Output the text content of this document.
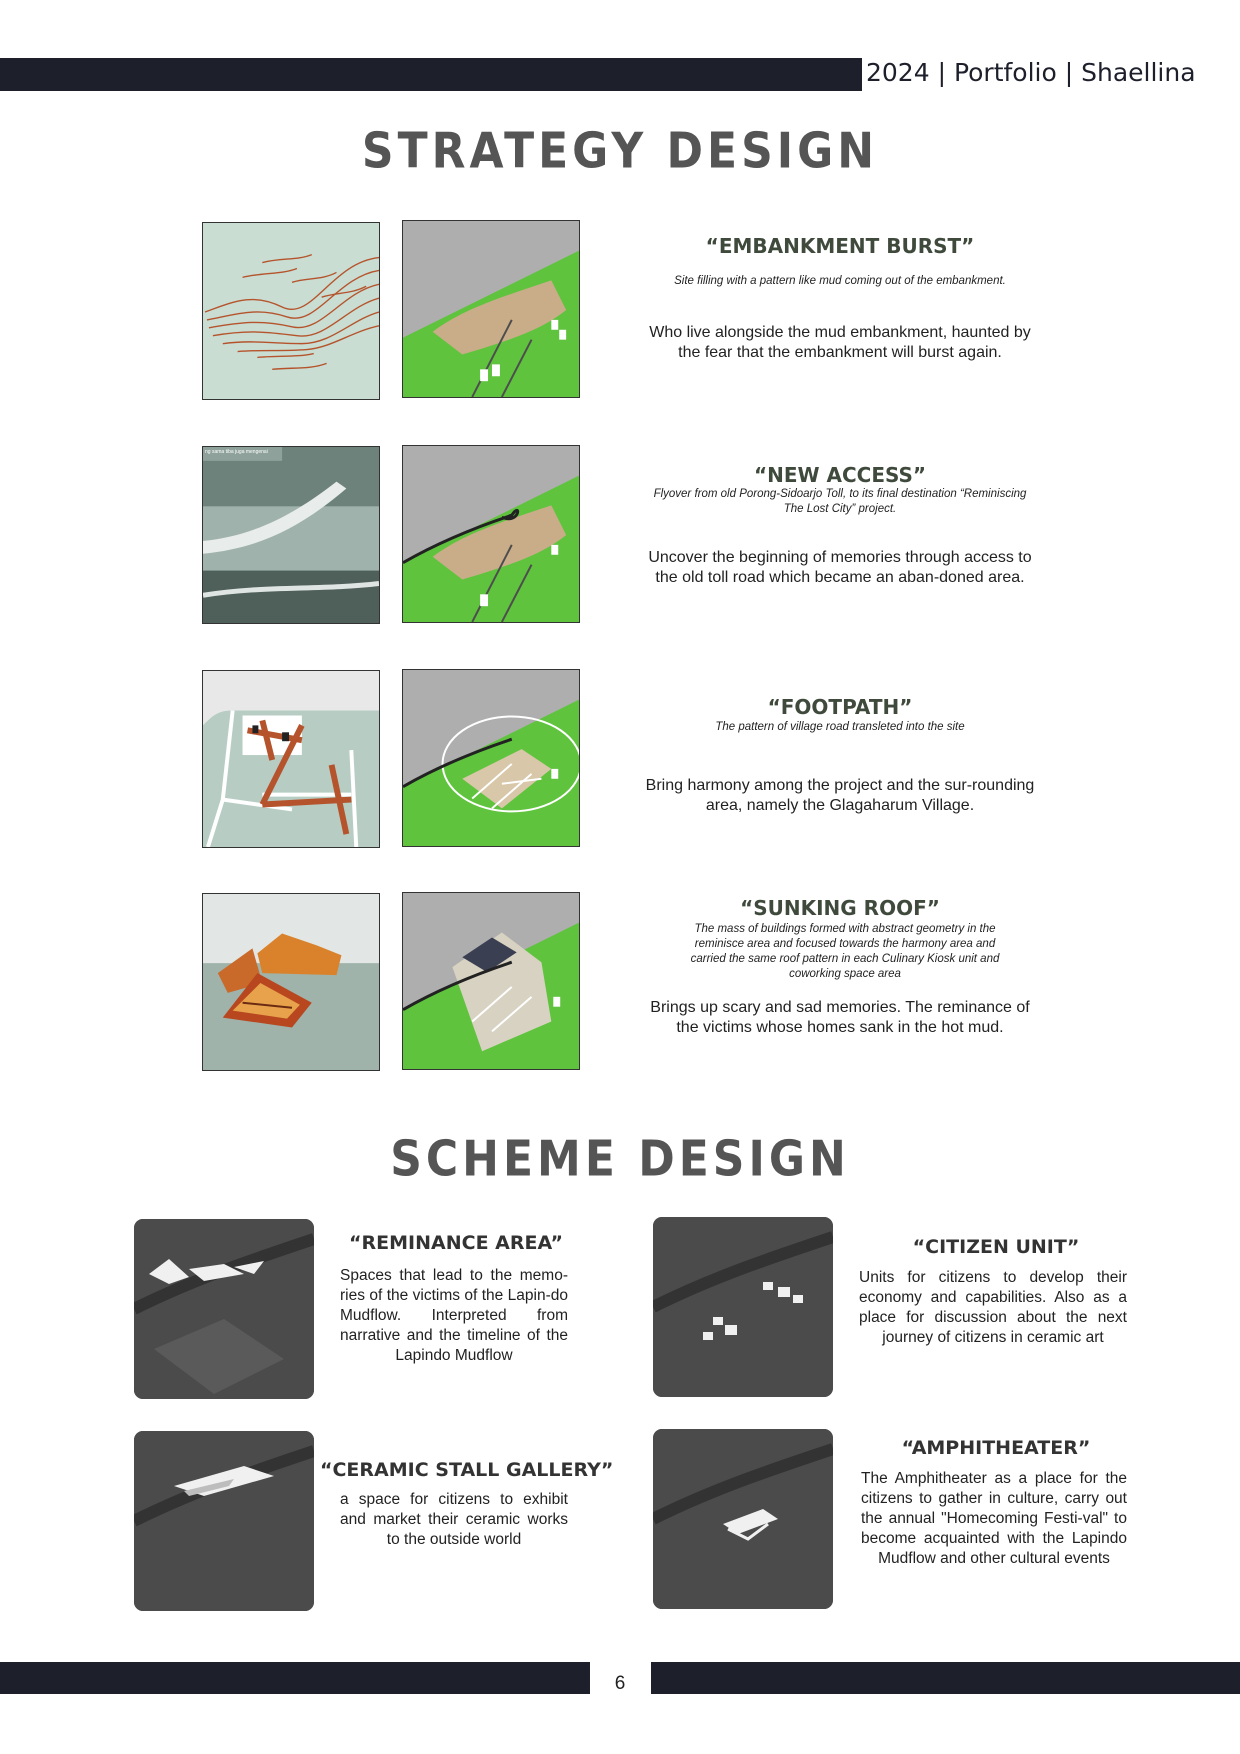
2024 | Portfolio | Shaellina
STRATEGY DESIGN
“EMBANKMENT BURST”
Site filling with a pattern like mud coming out of the embankment.
Who live alongside the mud embankment, haunted by the fear that the embankment will burst again.
ng sama tiba juga mengenai
“NEW ACCESS”
Flyover from old Porong-Sidoarjo Toll, to its final destination “Reminiscing The Lost City” project.
Uncover the beginning of memories through access to the old toll road which became an aban-doned area.
“FOOTPATH”
The pattern of village road transleted into the site
Bring harmony among the project and the sur-rounding area, namely the Glagaharum Village.
“SUNKING ROOF”
The mass of buildings formed with abstract geometry in the reminisce area and focused towards the harmony area and carried the same roof pattern in each Culinary Kiosk unit and coworking space area
Brings up scary and sad memories. The reminance of the victims whose homes sank in the hot mud.
SCHEME DESIGN
“REMINANCE AREA”
Spaces that lead to the memo-ries of the victims of the Lapin-do Mudflow. Interpreted from narrative and the timeline of the Lapindo Mudflow
“CITIZEN UNIT”
Units for citizens to develop their economy and capabilities. Also as a place for discussion about the next journey of citizens in ceramic art
“CERAMIC STALL GALLERY”
a space for citizens to exhibit and market their ceramic works to the outside world
“AMPHITHEATER”
The Amphitheater as a place for the citizens to gather in culture, carry out the annual "Homecoming Festi-val" to become acquainted with the Lapindo Mudflow and other cultural events
6
